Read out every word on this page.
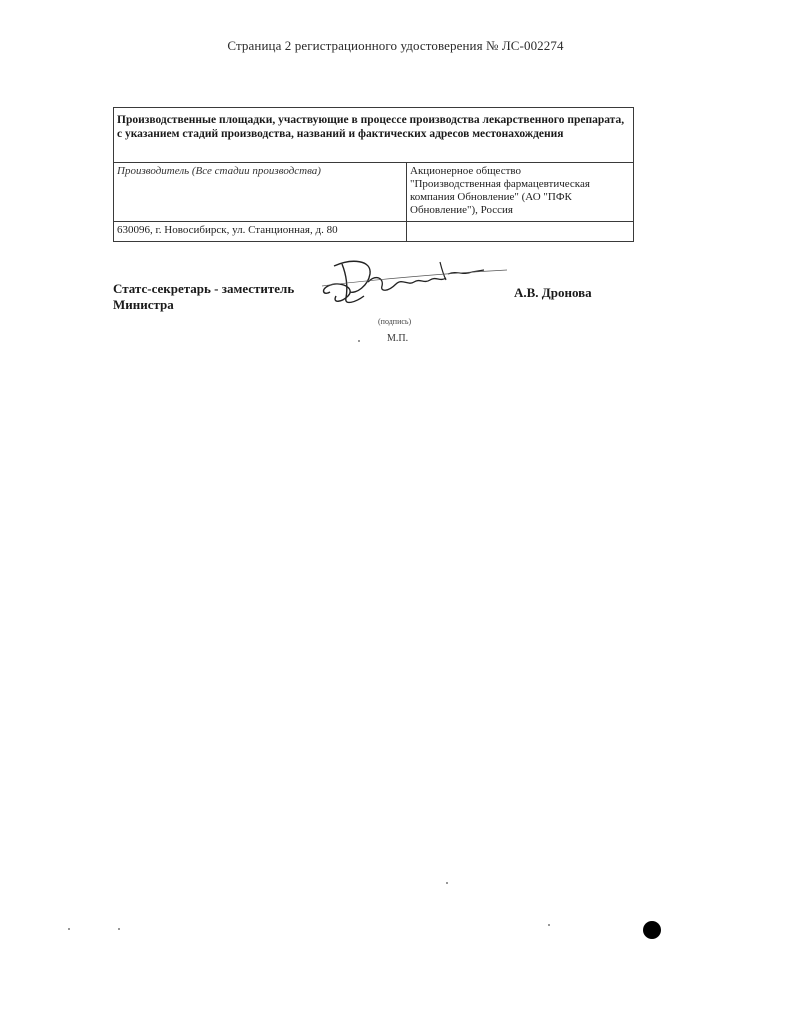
Страница 2 регистрационного удостоверения № ЛС-002274
Производственные площадки, участвующие в процессе производства лекарственного препарата, с указанием стадий производства, названий и фактических адресов местонахождения	
Производитель (Все стадии производства)	Акционерное общество
"Производственная фармацевтическая
компания Обновление" (АО "ПФК
Обновление"), Россия

630096, г. Новосибирск, ул. Станционная, д. 80	
Статс-секретарь - заместитель
Министра
А.В. Дронова
(подпись)
М.П.
